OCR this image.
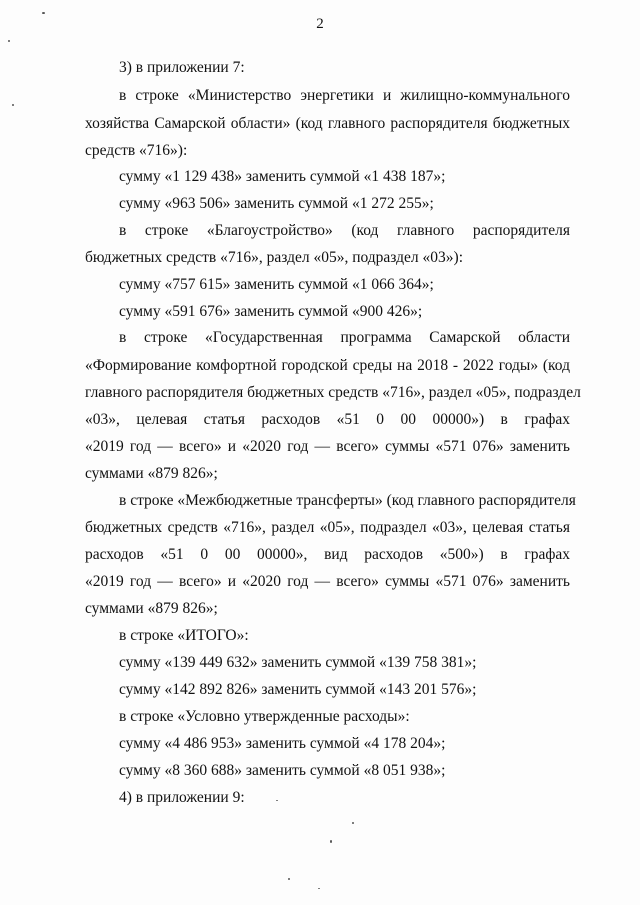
2
3) в приложении 7:
в строке «Министерство энергетики и жилищно-коммунального
хозяйства Самарской области» (код главного распорядителя бюджетных
средств «716»):
сумму «1 129 438» заменить суммой «1 438 187»;
сумму «963 506» заменить суммой «1 272 255»;
в строке «Благоустройство» (код главного распорядителя
бюджетных средств «716», раздел «05», подраздел «03»):
сумму «757 615» заменить суммой «1 066 364»;
сумму «591 676» заменить суммой «900 426»;
в строке «Государственная программа Самарской области
«Формирование комфортной городской среды на 2018 - 2022 годы» (код
главного распорядителя бюджетных средств «716», раздел «05», подраздел
«03», целевая статья расходов «51 0 00 00000») в графах
«2019 год — всего» и «2020 год — всего» суммы «571 076» заменить
суммами «879 826»;
в строке «Межбюджетные трансферты» (код главного распорядителя
бюджетных средств «716», раздел «05», подраздел «03», целевая статья
расходов «51 0 00 00000», вид расходов «500») в графах
«2019 год — всего» и «2020 год — всего» суммы «571 076» заменить
суммами «879 826»;
в строке «ИТОГО»:
сумму «139 449 632» заменить суммой «139 758 381»;
сумму «142 892 826» заменить суммой «143 201 576»;
в строке «Условно утвержденные расходы»:
сумму «4 486 953» заменить суммой «4 178 204»;
сумму «8 360 688» заменить суммой «8 051 938»;
4) в приложении 9:
